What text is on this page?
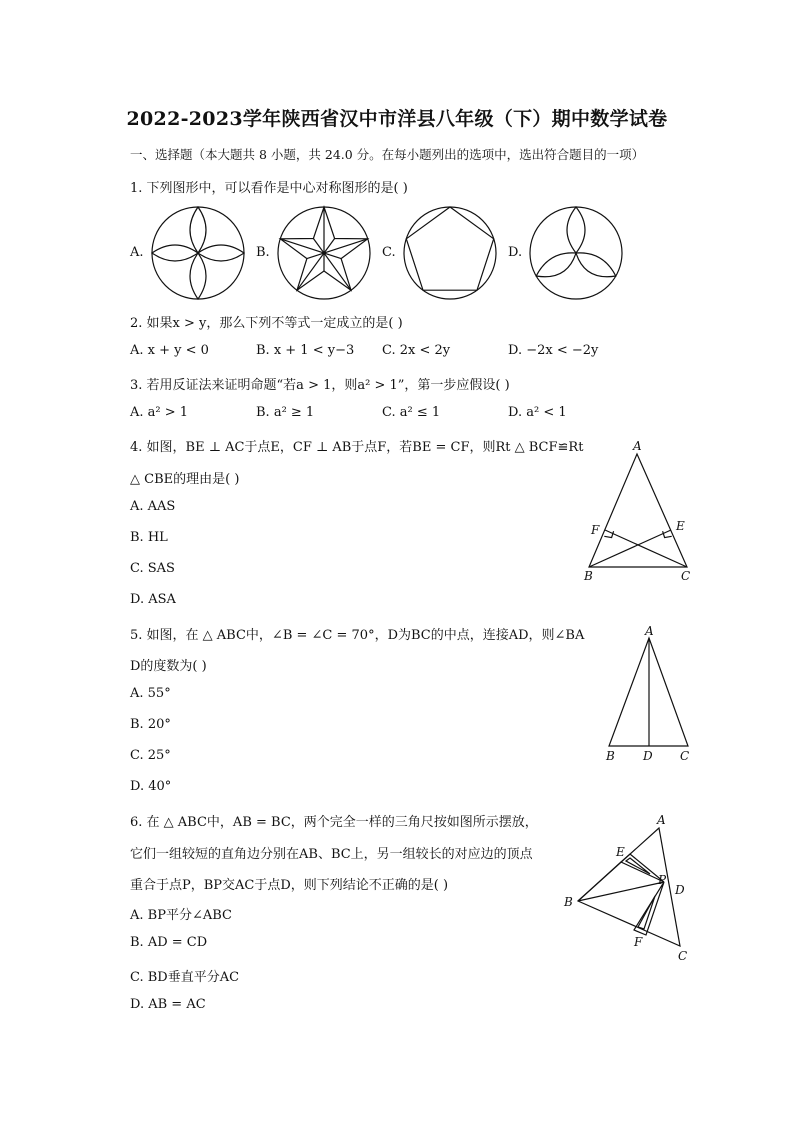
2022-2023学年陕西省汉中市洋县八年级（下）期中数学试卷
一、选择题（本大题共 8 小题，共 24.0 分。在每小题列出的选项中，选出符合题目的一项）
1. 下列图形中，可以看作是中心对称图形的是( )
A.	B.	C.	D.
2. 如果x > y，那么下列不等式一定成立的是( )
A. x + y < 0	B. x + 1 < y−3 C. 2x < 2y	D. −2x < −2y
3. 若用反证法来证明命题“若a > 1，则a² > 1”，第一步应假设( )
A. a² > 1	B. a² ≥ 1	C. a² ≤ 1	D. a² < 1
4. 如图，BE ⊥ AC于点E，CF ⊥ AB于点F，若BE = CF，则Rt △ BCF≌Rt
△ CBE的理由是( )
A. AAS
B. HL
C. SAS
D. ASA
A
B	C
E
F
5. 如图，在 △ ABC中，∠B = ∠C = 70°，D为BC的中点，连接AD，则∠BA
D的度数为( )
A. 55°
B. 20°
C. 25°
D. 40°
A
B D C
6. 在 △ ABC中，AB = BC，两个完全一样的三角尺按如图所示摆放，
它们一组较短的直角边分别在AB、BC上，另一组较长的对应边的顶点
重合于点P，BP交AC于点D，则下列结论不正确的是( )
A. BP平分∠ABC
B. AD = CD
C. BD垂直平分AC
D. AB = AC
A
E
P
D
B
F
C
